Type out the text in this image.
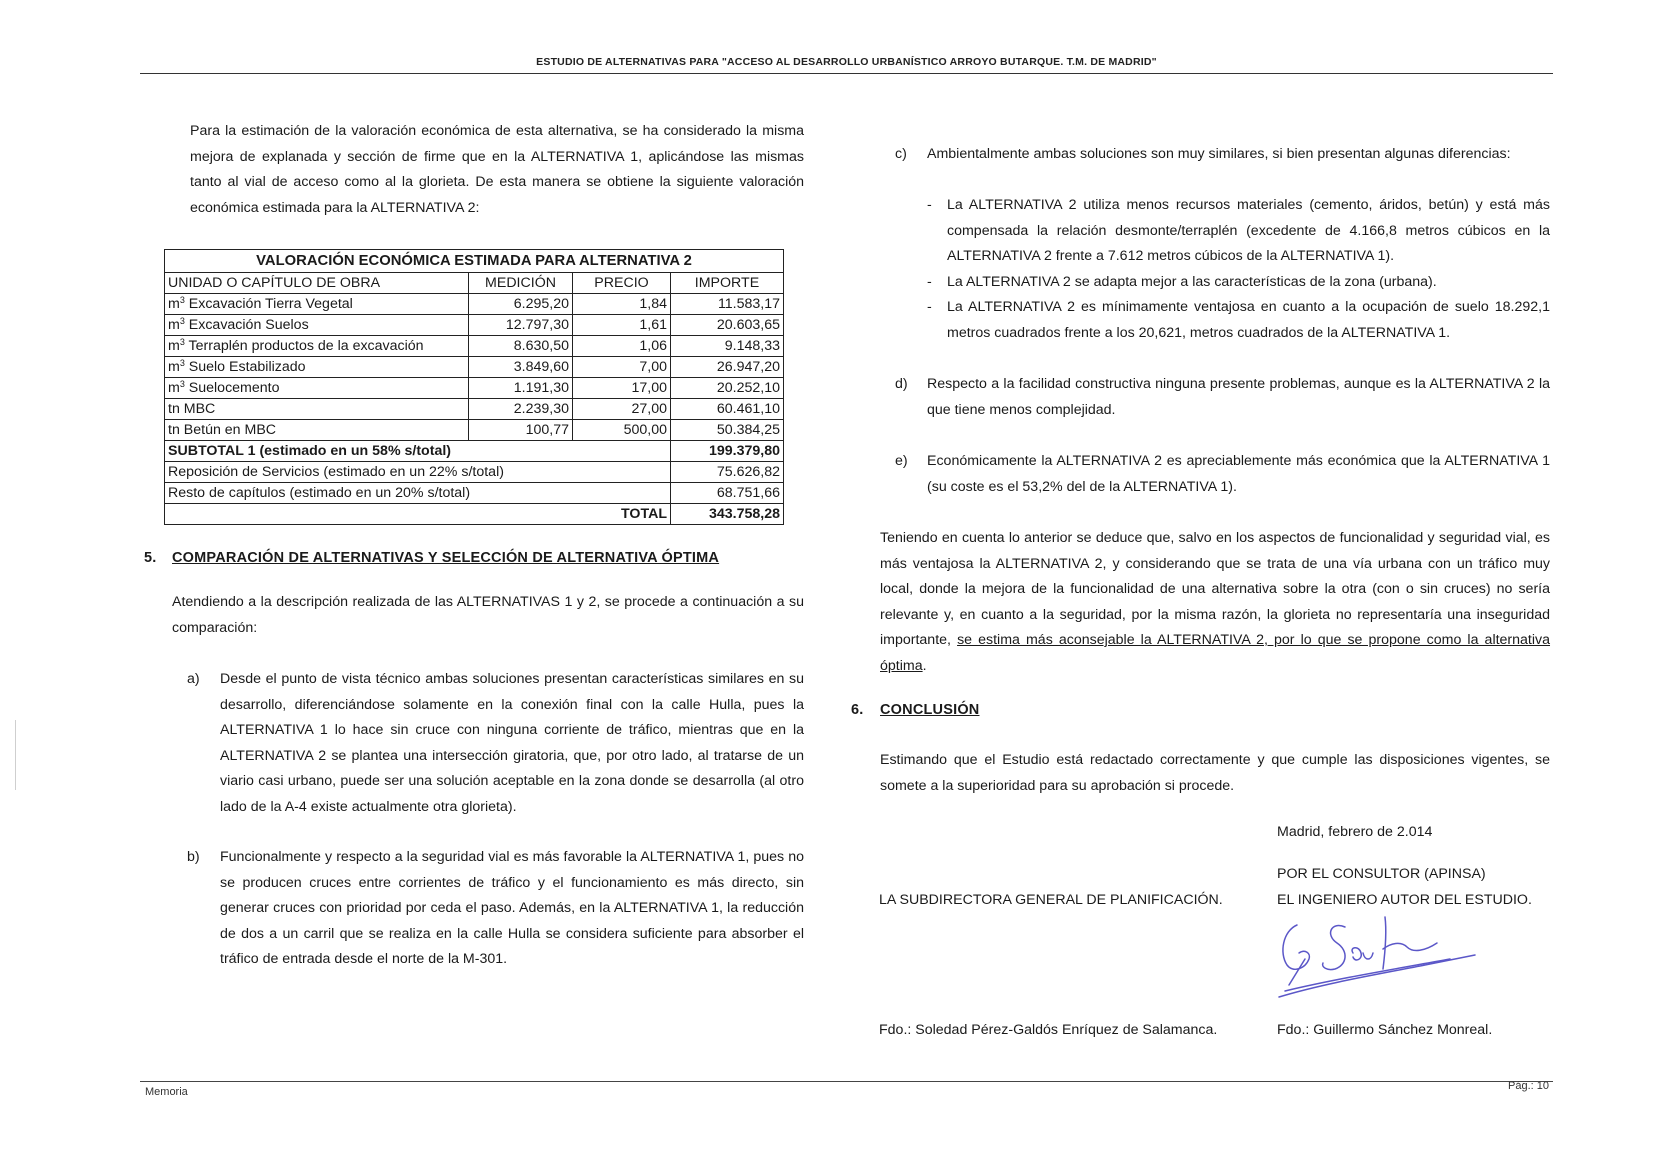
ESTUDIO DE ALTERNATIVAS PARA "ACCESO AL DESARROLLO URBANÍSTICO ARROYO BUTARQUE. T.M. DE MADRID"

Para la estimación de la valoración económica de esta alternativa, se ha considerado la misma mejora de explanada y sección de firme que en la ALTERNATIVA 1, aplicándose las mismas tanto al vial de acceso como al la glorieta. De esta manera se obtiene la siguiente valoración económica estimada para la ALTERNATIVA 2:

VALORACIÓN ECONÓMICA ESTIMADA PARA ALTERNATIVA 2			
UNIDAD O CAPÍTULO DE OBRA	MEDICIÓN	PRECIO	IMPORTE
$m^3$ Excavación Tierra Vegetal	6.295,20	1,84	11.583,17
$m^3$ Excavación Suelos	12.797,30	1,61	20.603,65
$m^3$ Terraplén productos de la excavación	8.630,50	1,06	9.148,33
$m^3$ Suelo Estabilizado	3.849,60	7,00	26.947,20
$m^3$ Suelocemento	1.191,30	17,00	20.252,10
tn MBC	2.239,30	27,00	60.461,10
tn Betún en MBC	100,77	500,00	50.384,25
SUBTOTAL 1 (estimado en un 58% s/total)			199.379,80
Reposición de Servicios (estimado en un 22% s/total)			75.626,82
Resto de capítulos (estimado en un 20% s/total)			68.751,66
TOTAL			343.758,28
5. COMPARACIÓN DE ALTERNATIVAS Y SELECCIÓN DE ALTERNATIVA ÓPTIMA

Atendiendo a la descripción realizada de las ALTERNATIVAS 1 y 2, se procede a continuación a su comparación:

a) Desde el punto de vista técnico ambas soluciones presentan características similares en su desarrollo, diferenciándose solamente en la conexión final con la calle Hulla, pues la ALTERNATIVA 1 lo hace sin cruce con ninguna corriente de tráfico, mientras que en la ALTERNATIVA 2 se plantea una intersección giratoria, que, por otro lado, al tratarse de un viario casi urbano, puede ser una solución aceptable en la zona donde se desarrolla (al otro lado de la A-4 existe actualmente otra glorieta).
b) Funcionalmente y respecto a la seguridad vial es más favorable la ALTERNATIVA 1, pues no se producen cruces entre corrientes de tráfico y el funcionamiento es más directo, sin generar cruces con prioridad por ceda el paso. Además, en la ALTERNATIVA 1, la reducción de dos a un carril que se realiza en la calle Hulla se considera suficiente para absorber el tráfico de entrada desde el norte de la M-301.
c) Ambientalmente ambas soluciones son muy similares, si bien presentan algunas diferencias:
- La ALTERNATIVA 2 utiliza menos recursos materiales (cemento, áridos, betún) y está más compensada la relación desmonte/terraplén (excedente de 4.166,8 metros cúbicos en la ALTERNATIVA 2 frente a 7.612 metros cúbicos de la ALTERNATIVA 1).
- La ALTERNATIVA 2 se adapta mejor a las características de la zona (urbana).
- La ALTERNATIVA 2 es mínimamente ventajosa en cuanto a la ocupación de suelo 18.292,1 metros cuadrados frente a los 20,621, metros cuadrados de la ALTERNATIVA 1.
d) Respecto a la facilidad constructiva ninguna presente problemas, aunque es la ALTERNATIVA 2 la que tiene menos complejidad.
e) Económicamente la ALTERNATIVA 2 es apreciablemente más económica que la ALTERNATIVA 1 (su coste es el 53,2% del de la ALTERNATIVA 1).

Teniendo en cuenta lo anterior se deduce que, salvo en los aspectos de funcionalidad y seguridad vial, es más ventajosa la ALTERNATIVA 2, y considerando que se trata de una vía urbana con un tráfico muy local, donde la mejora de la funcionalidad de una alternativa sobre la otra (con o sin cruces) no sería relevante y, en cuanto a la seguridad, por la misma razón, la glorieta no representaría una inseguridad importante, se estima más aconsejable la ALTERNATIVA 2, por lo que se propone como la alternativa óptima.

6. CONCLUSIÓN

Estimando que el Estudio está redactado correctamente y que cumple las disposiciones vigentes, se somete a la superioridad para su aprobación si procede.

Madrid, febrero de 2.014
POR EL CONSULTOR (APINSA)
EL INGENIERO AUTOR DEL ESTUDIO.
LA SUBDIRECTORA GENERAL DE PLANIFICACIÓN.
Fdo.: Soledad Pérez-Galdós Enríquez de Salamanca.	Fdo.: Guillermo Sánchez Monreal.
Memoria	Pág.: 10
